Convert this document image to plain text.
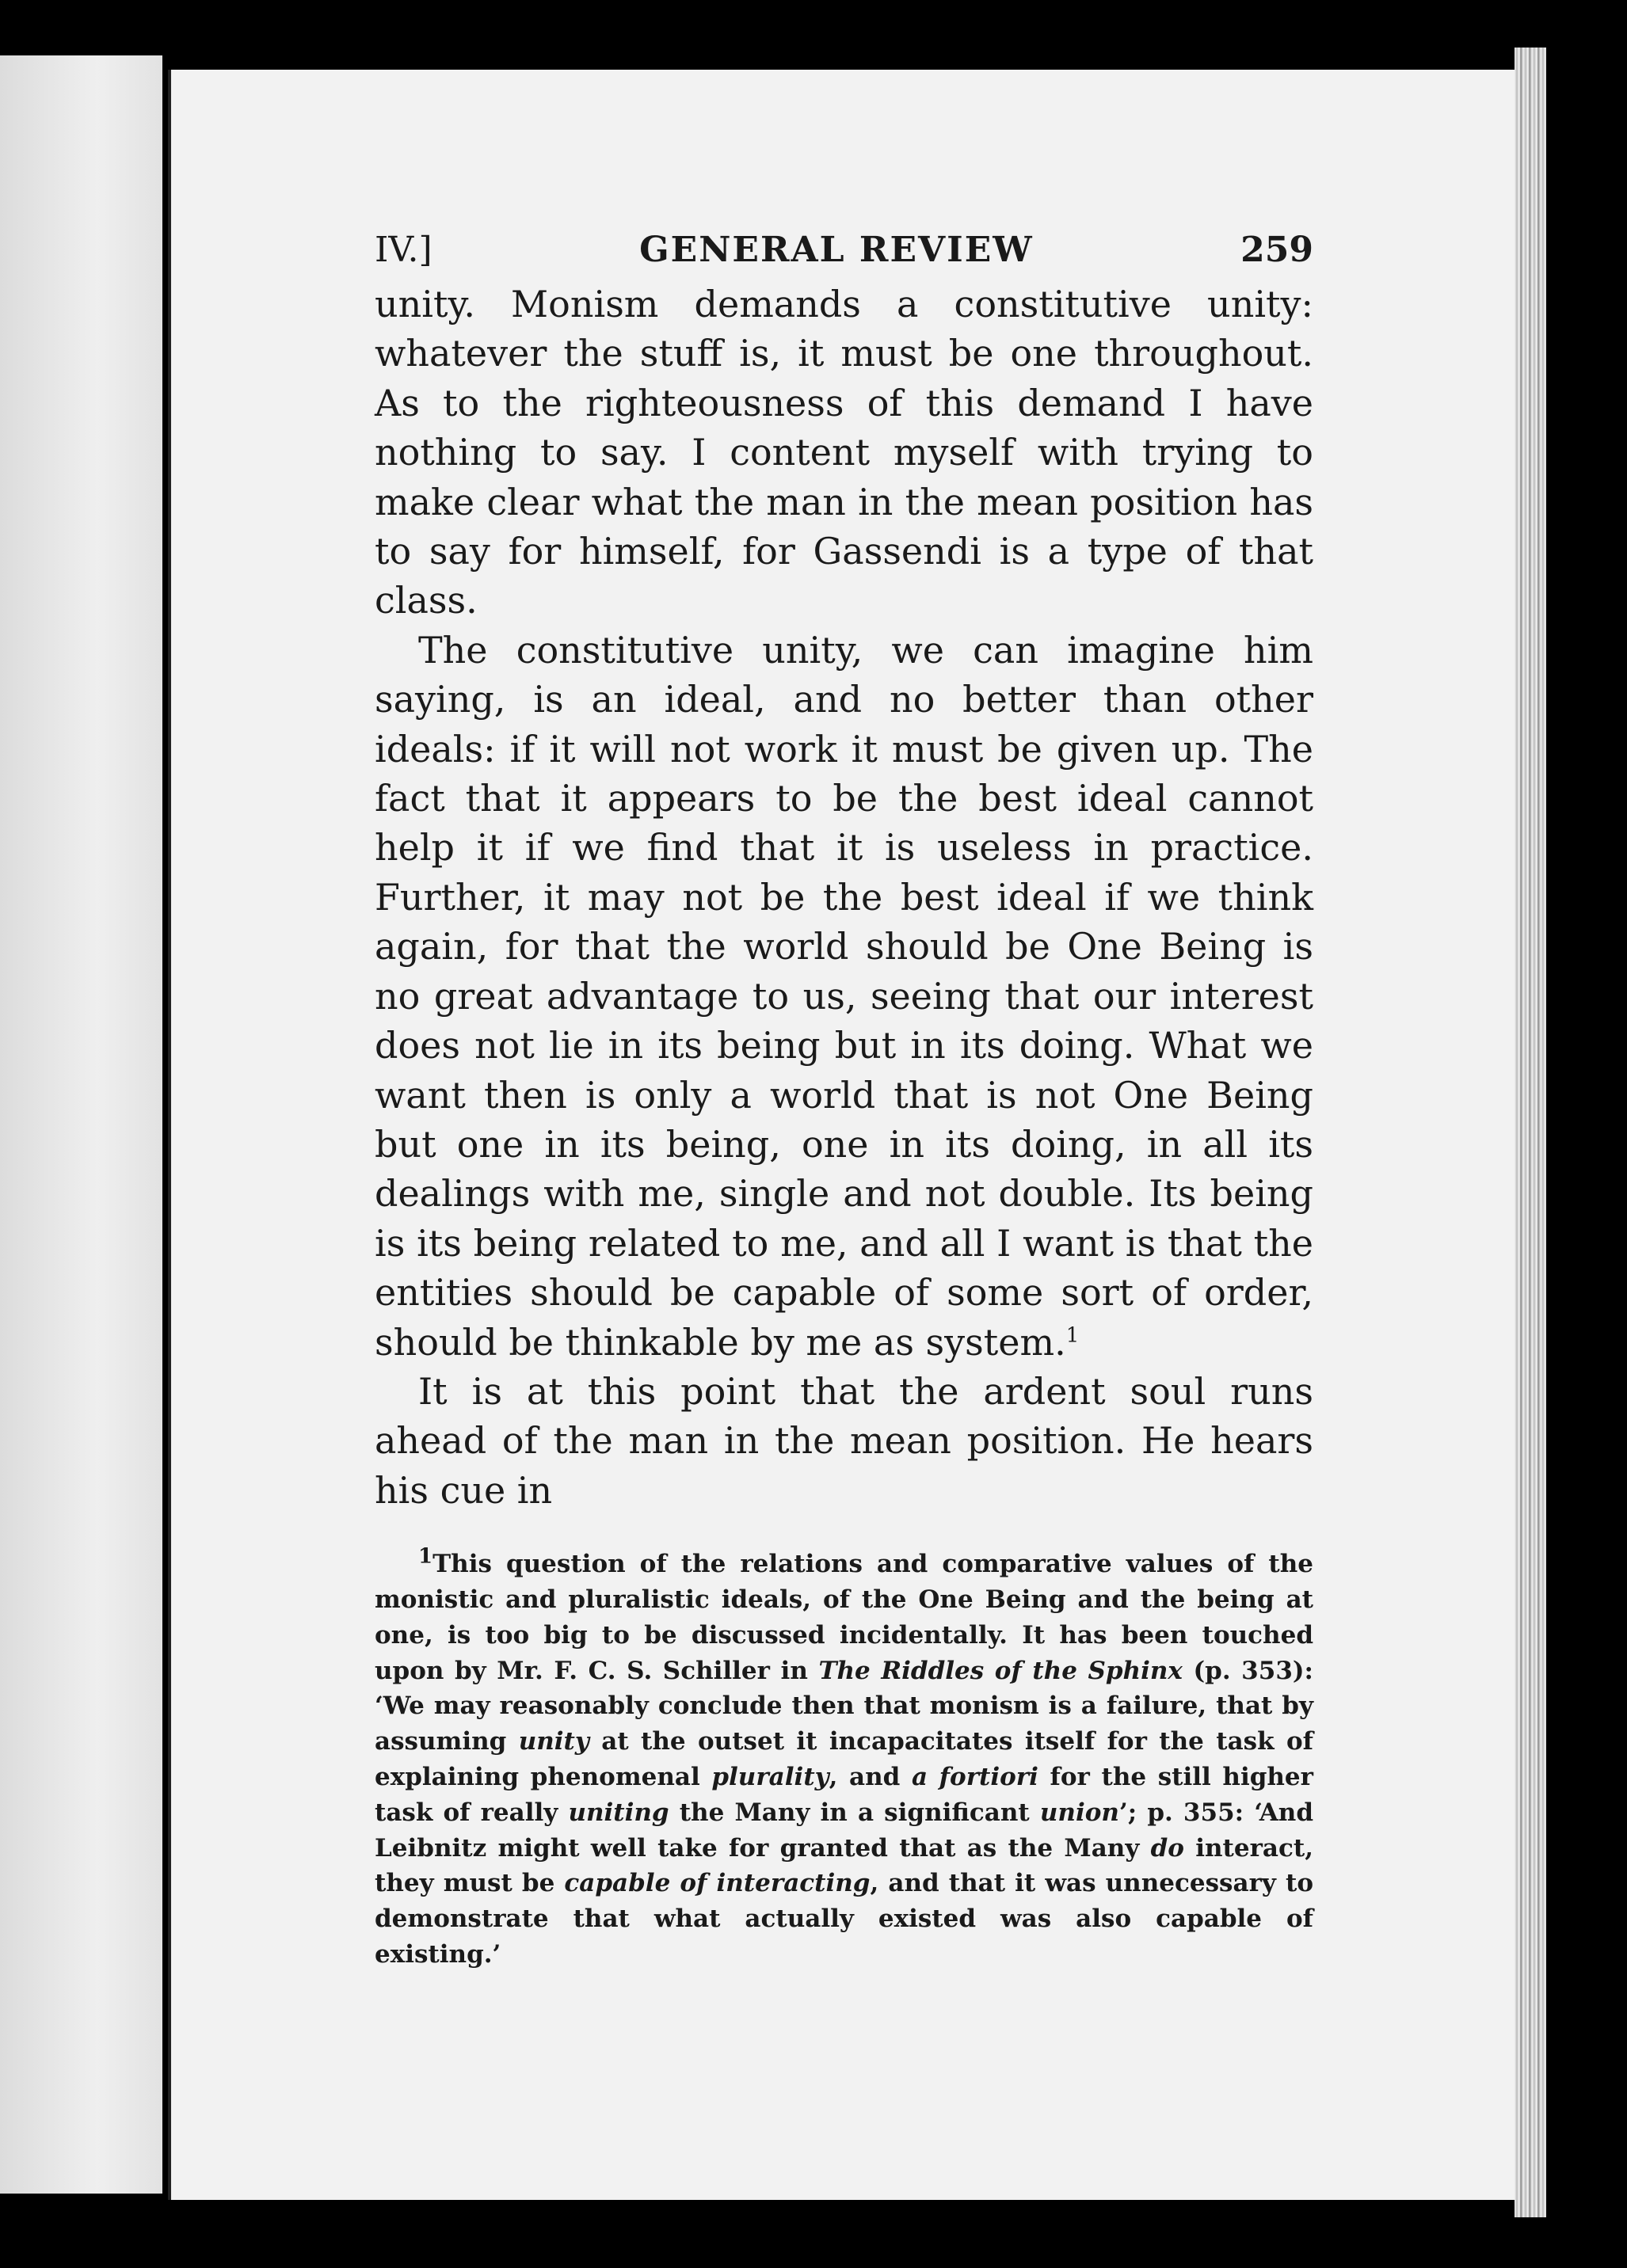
IV.]	GENERAL REVIEW	259

unity. Monism demands a constitutive unity: whatever the stuff is, it must be one throughout. As to the righteousness of this demand I have nothing to say. I content myself with trying to make clear what the man in the mean position has to say for himself, for Gassendi is a type of that class.

The constitutive unity, we can imagine him saying, is an ideal, and no better than other ideals: if it will not work it must be given up. The fact that it appears to be the best ideal cannot help it if we find that it is useless in practice. Further, it may not be the best ideal if we think again, for that the world should be One Being is no great advantage to us, seeing that our interest does not lie in its being but in its doing. What we want then is only a world that is not One Being but one in its being, one in its doing, in all its dealings with me, single and not double. Its being is its being related to me, and all I want is that the entities should be capable of some sort of order, should be thinkable by me as system.$^1$

It is at this point that the ardent soul runs ahead of the man in the mean position. He hears his cue in

$^1$This question of the relations and comparative values of the monistic and pluralistic ideals, of the One Being and the being at one, is too big to be discussed incidentally. It has been touched upon by Mr. F. C. S. Schiller in The Riddles of the Sphinx (p. 353): ‘We may reasonably conclude then that monism is a failure, that by assuming unity at the outset it incapacitates itself for the task of explaining phenomenal plurality, and a fortiori for the still higher task of really uniting the Many in a significant union’; p. 355: ‘And Leibnitz might well take for granted that as the Many do interact, they must be capable of interacting, and that it was unnecessary to demonstrate that what actually existed was also capable of existing.’
